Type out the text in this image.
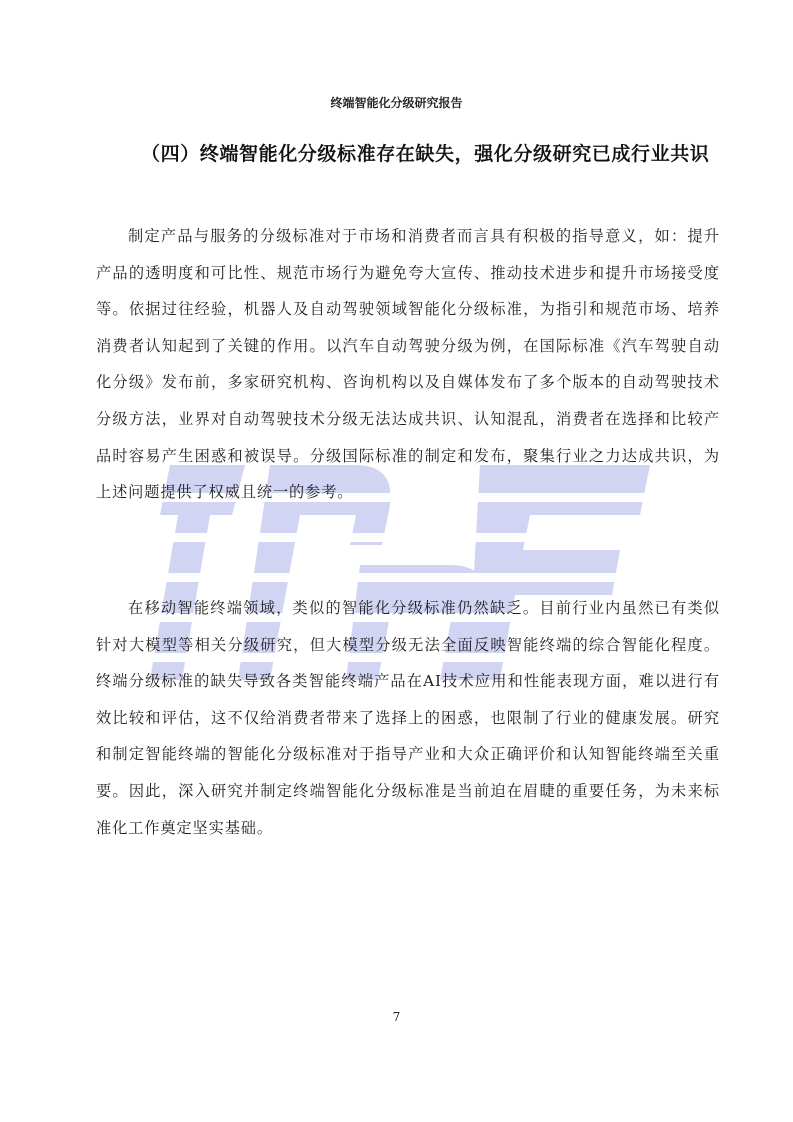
终端智能化分级研究报告
（四）终端智能化分级标准存在缺失，强化分级研究已成行业共识

制定产品与服务的分级标准对于市场和消费者而言具有积极的指导意义，如：提升产品的透明度和可比性、规范市场行为避免夸大宣传、推动技术进步和提升市场接受度等。依据过往经验，机器人及自动驾驶领域智能化分级标准，为指引和规范市场、培养消费者认知起到了关键的作用。以汽车自动驾驶分级为例，在国际标准《汽车驾驶自动化分级》发布前，多家研究机构、咨询机构以及自媒体发布了多个版本的自动驾驶技术分级方法，业界对自动驾驶技术分级无法达成共识、认知混乱，消费者在选择和比较产品时容易产生困惑和被误导。分级国际标准的制定和发布，聚集行业之力达成共识，为上述问题提供了权威且统一的参考。

在移动智能终端领域，类似的智能化分级标准仍然缺乏。目前行业内虽然已有类似针对大模型等相关分级研究，但大模型分级无法全面反映智能终端的综合智能化程度。终端分级标准的缺失导致各类智能终端产品在AI技术应用和性能表现方面，难以进行有效比较和评估，这不仅给消费者带来了选择上的困惑，也限制了行业的健康发展。研究和制定智能终端的智能化分级标准对于指导产业和大众正确评价和认知智能终端至关重要。因此，深入研究并制定终端智能化分级标准是当前迫在眉睫的重要任务，为未来标准化工作奠定坚实基础。

7
